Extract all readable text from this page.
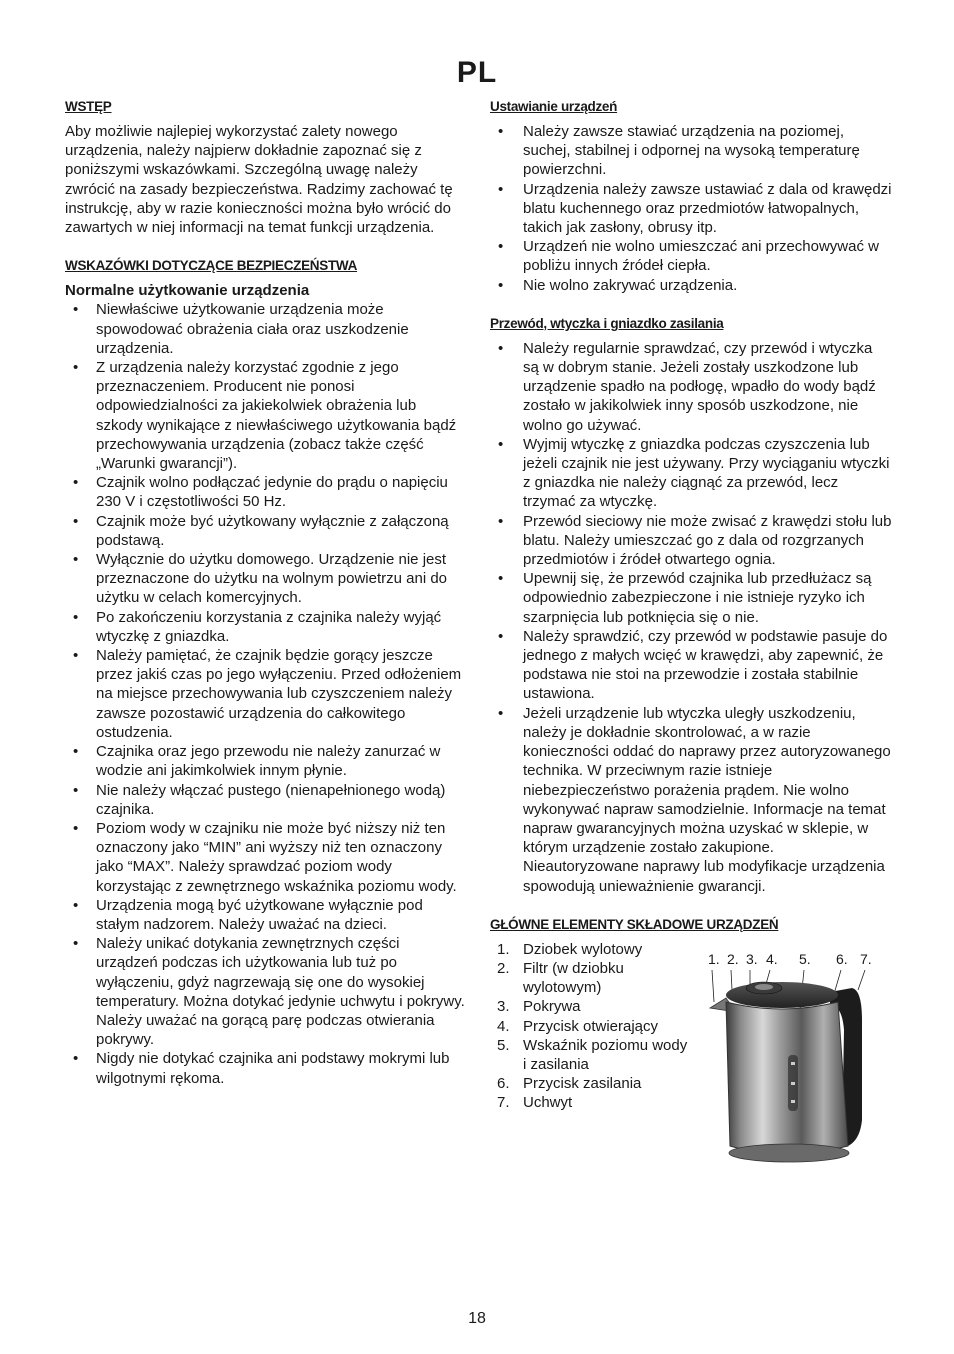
PL
WSTĘP

Aby możliwie najlepiej wykorzystać zalety nowego urządzenia, należy najpierw dokładnie zapoznać się z poniższymi wskazówkami. Szczególną uwagę należy zwrócić na zasady bezpieczeństwa. Radzimy zachować tę instrukcję, aby w razie konieczności można było wrócić do zawartych w niej informacji na temat funkcji urządzenia.

WSKAZÓWKI DOTYCZĄCE BEZPIECZEŃSTWA

Normalne użytkowanie urządzenia

• Niewłaściwe użytkowanie urządzenia może spowodować obrażenia ciała oraz uszkodzenie urządzenia.
• Z urządzenia należy korzystać zgodnie z jego przeznaczeniem. Producent nie ponosi odpowiedzialności za jakiekolwiek obrażenia lub szkody wynikające z niewłaściwego użytkowania bądź przechowywania urządzenia (zobacz także część „Warunki gwarancji”).
• Czajnik wolno podłączać jedynie do prądu o napięciu 230 V i częstotliwości 50 Hz.
• Czajnik może być użytkowany wyłącznie z załączoną podstawą.
• Wyłącznie do użytku domowego. Urządzenie nie jest przeznaczone do użytku na wolnym powietrzu ani do użytku w celach komercyjnych.
• Po zakończeniu korzystania z czajnika należy wyjąć wtyczkę z gniazdka.
• Należy pamiętać, że czajnik będzie gorący jeszcze przez jakiś czas po jego wyłączeniu. Przed odłożeniem na miejsce przechowywania lub czyszczeniem należy zawsze pozostawić urządzenia do całkowitego ostudzenia.
• Czajnika oraz jego przewodu nie należy zanurzać w wodzie ani jakimkolwiek innym płynie.
• Nie należy włączać pustego (nienapełnionego wodą) czajnika.
• Poziom wody w czajniku nie może być niższy niż ten oznaczony jako “MIN” ani wyższy niż ten oznaczony jako “MAX”. Należy sprawdzać poziom wody korzystając z zewnętrznego wskaźnika poziomu wody.
• Urządzenia mogą być użytkowane wyłącznie pod stałym nadzorem. Należy uważać na dzieci.
• Należy unikać dotykania zewnętrznych części urządzeń podczas ich użytkowania lub tuż po wyłączeniu, gdyż nagrzewają się one do wysokiej temperatury. Można dotykać jedynie uchwytu i pokrywy. Należy uważać na gorącą parę podczas otwierania pokrywy.
• Nigdy nie dotykać czajnika ani podstawy mokrymi lub wilgotnymi rękoma.
Ustawianie urządzeń
• Należy zawsze stawiać urządzenia na poziomej, suchej, stabilnej i odpornej na wysoką temperaturę powierzchni.
• Urządzenia należy zawsze ustawiać z dala od krawędzi blatu kuchennego oraz przedmiotów łatwopalnych, takich jak zasłony, obrusy itp.
• Urządzeń nie wolno umieszczać ani przechowywać w pobliżu innych źródeł ciepła.
• Nie wolno zakrywać urządzenia.
Przewód, wtyczka i gniazdko zasilania
• Należy regularnie sprawdzać, czy przewód i wtyczka są w dobrym stanie. Jeżeli zostały uszkodzone lub urządzenie spadło na podłogę, wpadło do wody bądź zostało w jakikolwiek inny sposób uszkodzone, nie wolno go używać.
• Wyjmij wtyczkę z gniazdka podczas czyszczenia lub jeżeli czajnik nie jest używany. Przy wyciąganiu wtyczki z gniazdka nie należy ciągnąć za przewód, lecz trzymać za wtyczkę.
• Przewód sieciowy nie może zwisać z krawędzi stołu lub blatu. Należy umieszczać go z dala od rozgrzanych przedmiotów i źródeł otwartego ognia.
• Upewnij się, że przewód czajnika lub przedłużacz są odpowiednio zabezpieczone i nie istnieje ryzyko ich szarpnięcia lub potknięcia się o nie.
• Należy sprawdzić, czy przewód w podstawie pasuje do jednego z małych wcięć w krawędzi, aby zapewnić, że podstawa nie stoi na przewodzie i została stabilnie ustawiona.
• Jeżeli urządzenie lub wtyczka uległy uszkodzeniu, należy je dokładnie skontrolować, a w razie konieczności oddać do naprawy przez autoryzowanego technika. W przeciwnym razie istnieje niebezpieczeństwo porażenia prądem. Nie wolno wykonywać napraw samodzielnie. Informacje na temat napraw gwarancyjnych można uzyskać w sklepie, w którym urządzenie zostało zakupione. Nieautoryzowane naprawy lub modyfikacje urządzenia spowodują unieważnienie gwarancji.
GŁÓWNE ELEMENTY SKŁADOWE URZĄDZEŃ
1. Dziobek wylotowy
2. Filtr (w dziobku wylotowym)
3. Pokrywa
4. Przycisk otwierający
5. Wskaźnik poziomu wody i zasilania
6. Przycisk zasilania
7. Uchwyt
1. 2. 3. 4. 5. 6. 7.
18
